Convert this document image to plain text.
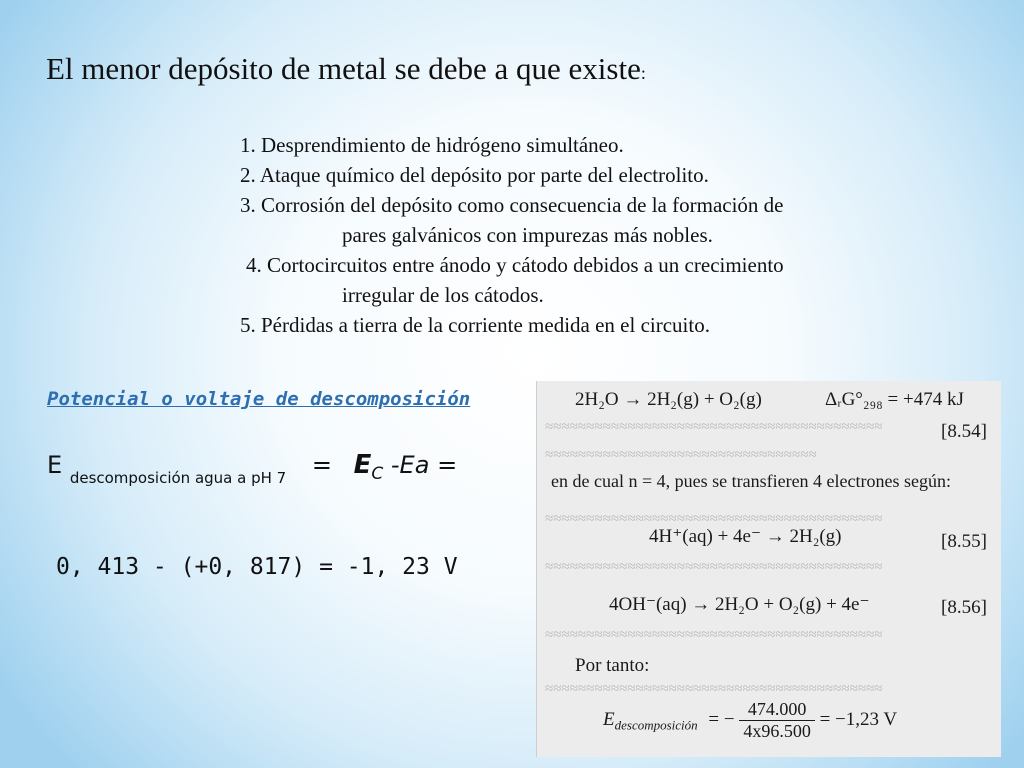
El menor depósito de metal se debe a que existe:
1. Desprendimiento de hidrógeno simultáneo.
2. Ataque químico del depósito por parte del electrolito.
3. Corrosión del depósito como consecuencia de la formación de
pares galvánicos con impurezas más nobles.
4. Cortocircuitos entre ánodo y cátodo debidos a un crecimiento
irregular de los cátodos.
5. Pérdidas a tierra de la corriente medida en el circuito.
Potencial o voltaje de descomposición
E $_{descomposición agua a pH 7} = E_C$ -Ea =
0, 413 - (+0, 817) = -1, 23 V
≈≈≈≈≈≈≈≈≈≈≈≈≈≈≈≈≈≈≈≈≈≈≈≈≈≈≈≈≈≈≈≈≈≈≈≈≈≈≈≈≈
≈≈≈≈≈≈≈≈≈≈≈≈≈≈≈≈≈≈≈≈≈≈≈≈≈≈≈≈≈≈≈≈≈
≈≈≈≈≈≈≈≈≈≈≈≈≈≈≈≈≈≈≈≈≈≈≈≈≈≈≈≈≈≈≈≈≈≈≈≈≈≈≈≈≈
≈≈≈≈≈≈≈≈≈≈≈≈≈≈≈≈≈≈≈≈≈≈≈≈≈≈≈≈≈≈≈≈≈≈≈≈≈≈≈≈≈
≈≈≈≈≈≈≈≈≈≈≈≈≈≈≈≈≈≈≈≈≈≈≈≈≈≈≈≈≈≈≈≈≈≈≈≈≈≈≈≈≈
≈≈≈≈≈≈≈≈≈≈≈≈≈≈≈≈≈≈≈≈≈≈≈≈≈≈≈≈≈≈≈≈≈≈≈≈≈≈≈≈≈
2H₂O → 2H₂(g) + O₂(g)	ΔᵣG°₂₉₈ = +474 kJ
[8.54]
en de cual n = 4, pues se transfieren 4 electrones según:
4H⁺(aq) + 4e⁻ → 2H₂(g)	[8.55]
4OH⁻(aq) → 2H₂O + O₂(g) + 4e⁻	[8.56]
Por tanto:
$E_{descomposición}$ = − $\frac{474.000}{4x96.500} = -1,23$ V
